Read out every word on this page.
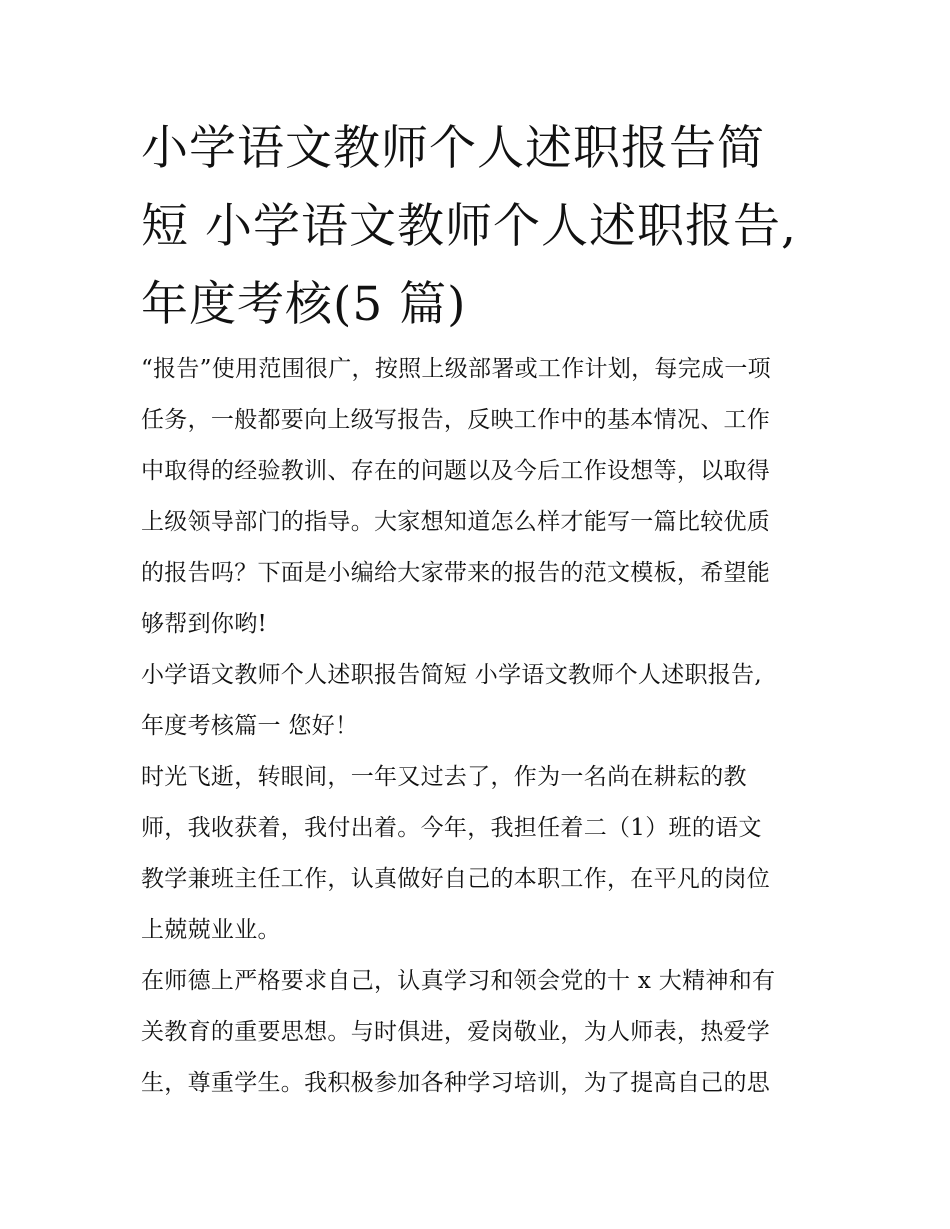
小学语文教师个人述职报告简
短 小学语文教师个人述职报告,
年度考核(5 篇)

“报告”使用范围很广，按照上级部署或工作计划，每完成一项
任务，一般都要向上级写报告，反映工作中的基本情况、工作
中取得的经验教训、存在的问题以及今后工作设想等，以取得
上级领导部门的指导。大家想知道怎么样才能写一篇比较优质
的报告吗？下面是小编给大家带来的报告的范文模板，希望能
够帮到你哟!

小学语文教师个人述职报告简短 小学语文教师个人述职报告,
年度考核篇一 您好！

时光飞逝，转眼间，一年又过去了，作为一名尚在耕耘的教
师，我收获着，我付出着。今年，我担任着二（1）班的语文
教学兼班主任工作，认真做好自己的本职工作，在平凡的岗位
上兢兢业业。

在师德上严格要求自己，认真学习和领会党的十 x 大精神和有
关教育的重要思想。与时俱进，爱岗敬业，为人师表，热爱学
生，尊重学生。我积极参加各种学习培训，为了提高自己的思
